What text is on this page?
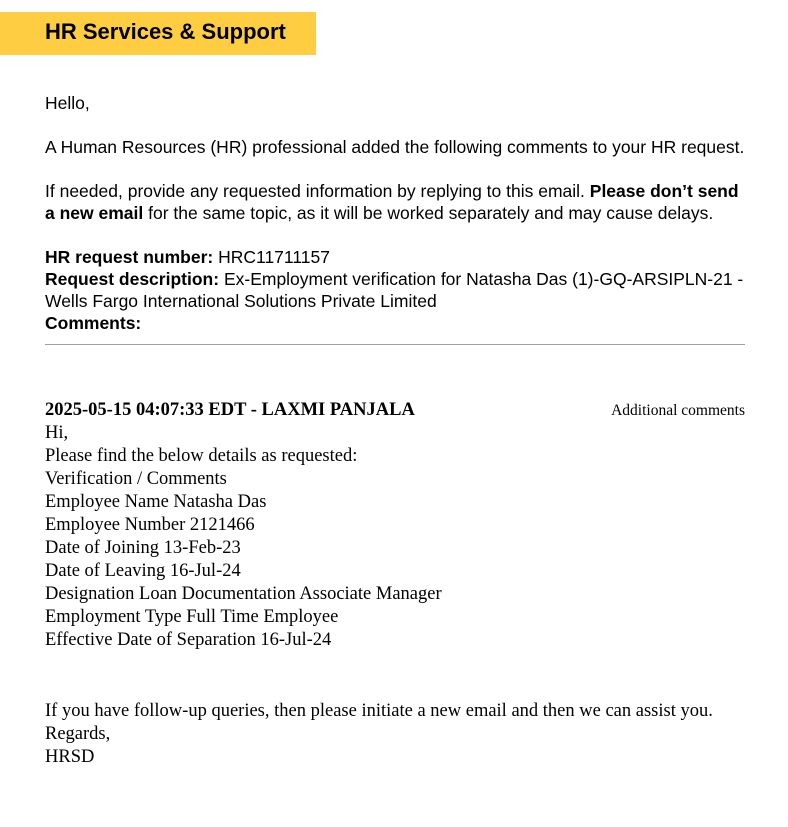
HR Services & Support

Hello,

A Human Resources (HR) professional added the following comments to your HR request.

If needed, provide any requested information by replying to this email. Please don’t send a new email for the same topic, as it will be worked separately and may cause delays.

HR request number: HRC11711157

Request description: Ex-Employment verification for Natasha Das (1)-GQ-ARSIPLN-21 - Wells Fargo International Solutions Private Limited

Comments:

2025-05-15 04:07:33 EDT - LAXMI PANJALA	Additional comments
Hi,
Please find the below details as requested:
Verification / Comments
Employee Name Natasha Das
Employee Number 2121466
Date of Joining 13-Feb-23
Date of Leaving 16-Jul-24
Designation Loan Documentation Associate Manager
Employment Type Full Time Employee
Effective Date of Separation 16-Jul-24

If you have follow-up queries, then please initiate a new email and then we can assist you.

Regards,

HRSD
